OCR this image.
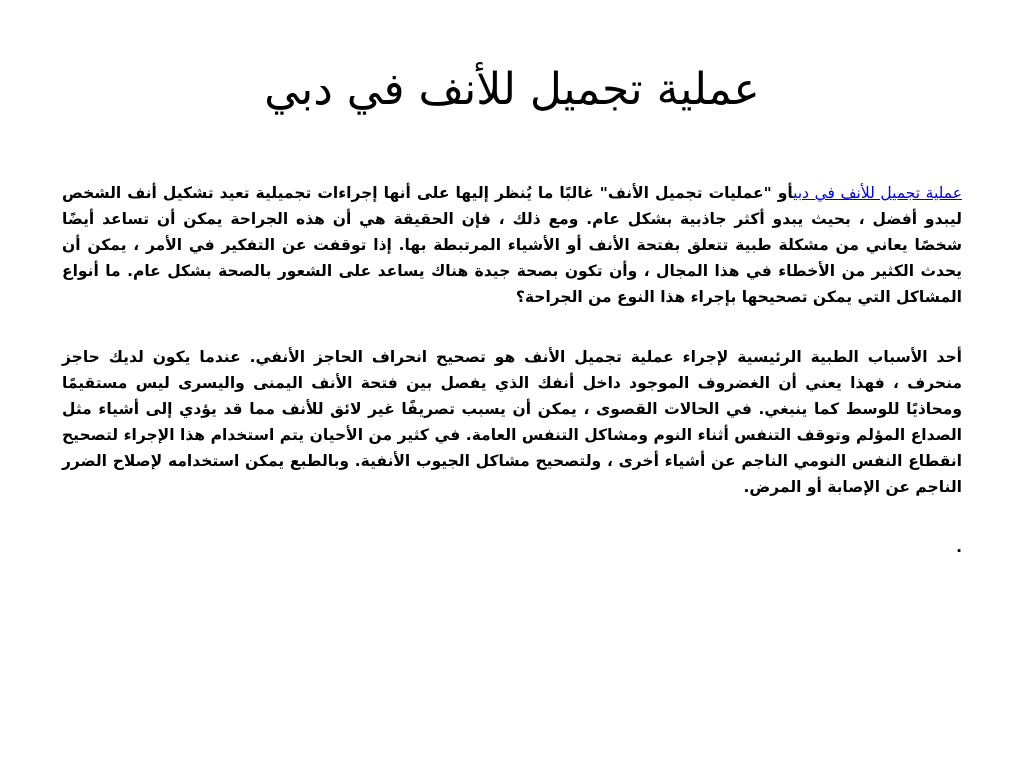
عملية تجميل للأنف في دبي

عملية تجميل للأنف في دبيأو "عمليات تجميل الأنف" غالبًا ما يُنظر إليها على أنها إجراءات تجميلية تعيد تشكيل أنف الشخص ليبدو أفضل ، بحيث يبدو أكثر جاذبية بشكل عام. ومع ذلك ، فإن الحقيقة هي أن هذه الجراحة يمكن أن تساعد أيضًا شخصًا يعاني من مشكلة طبية تتعلق بفتحة الأنف أو الأشياء المرتبطة بها. إذا توقفت عن التفكير في الأمر ، يمكن أن يحدث الكثير من الأخطاء في هذا المجال ، وأن تكون بصحة جيدة هناك يساعد على الشعور بالصحة بشكل عام. ما أنواع المشاكل التي يمكن تصحيحها بإجراء هذا النوع من الجراحة؟

أحد الأسباب الطبية الرئيسية لإجراء عملية تجميل الأنف هو تصحيح انحراف الحاجز الأنفي. عندما يكون لديك حاجز منحرف ، فهذا يعني أن الغضروف الموجود داخل أنفك الذي يفصل بين فتحة الأنف اليمنى واليسرى ليس مستقيمًا ومحاذيًا للوسط كما ينبغي. في الحالات القصوى ، يمكن أن يسبب تصريفًا غير لائق للأنف مما قد يؤدي إلى أشياء مثل الصداع المؤلم وتوقف التنفس أثناء النوم ومشاكل التنفس العامة. في كثير من الأحيان يتم استخدام هذا الإجراء لتصحيح انقطاع النفس النومي الناجم عن أشياء أخرى ، ولتصحيح مشاكل الجيوب الأنفية. وبالطبع يمكن استخدامه لإصلاح الضرر الناجم عن الإصابة أو المرض.

.
